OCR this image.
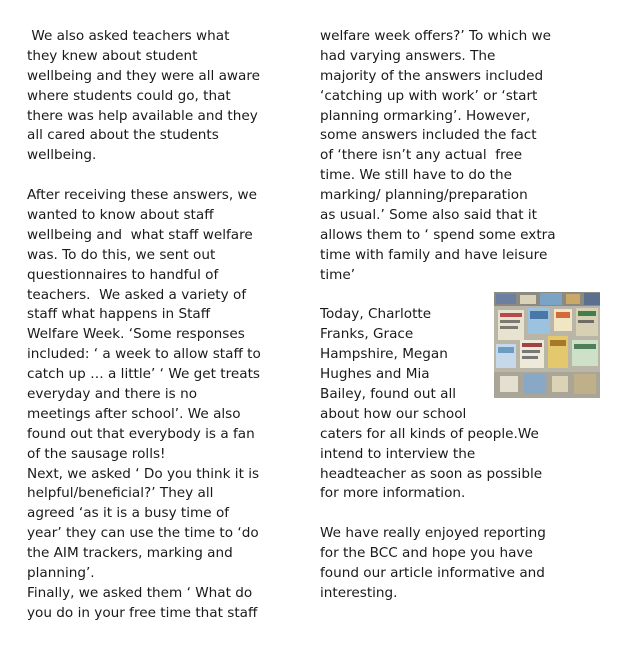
We also asked teachers what
they knew about student
wellbeing and they were all aware
where students could go, that
there was help available and they
all cared about the students
wellbeing.
After receiving these answers, we
wanted to know about staff
wellbeing and  what staff welfare
was. To do this, we sent out
questionnaires to handful of
teachers.  We asked a variety of
staff what happens in Staff
Welfare Week. ‘Some responses
included: ‘ a week to allow staff to
catch up … a little’ ‘ We get treats
everyday and there is no
meetings after school’. We also
found out that everybody is a fan
of the sausage rolls!
Next, we asked ‘ Do you think it is
helpful/beneficial?’ They all
agreed ‘as it is a busy time of
year’ they can use the time to ‘do
the AIM trackers, marking and
planning’.
Finally, we asked them ‘ What do
you do in your free time that staff
welfare week offers?’ To which we
had varying answers. The
majority of the answers included
‘catching up with work’ or ‘start
planning ormarking’. However,
some answers included the fact
of ‘there isn’t any actual  free
time. We still have to do the
marking/ planning/preparation
as usual.’ Some also said that it
allows them to ‘ spend some extra
time with family and have leisure
time’
Today, Charlotte
Franks, Grace
Hampshire, Megan
Hughes and Mia
Bailey, found out all
about how our school
caters for all kinds of people.We
intend to interview the
headteacher as soon as possible
for more information.
We have really enjoyed reporting
for the BCC and hope you have
found our article informative and
interesting.
